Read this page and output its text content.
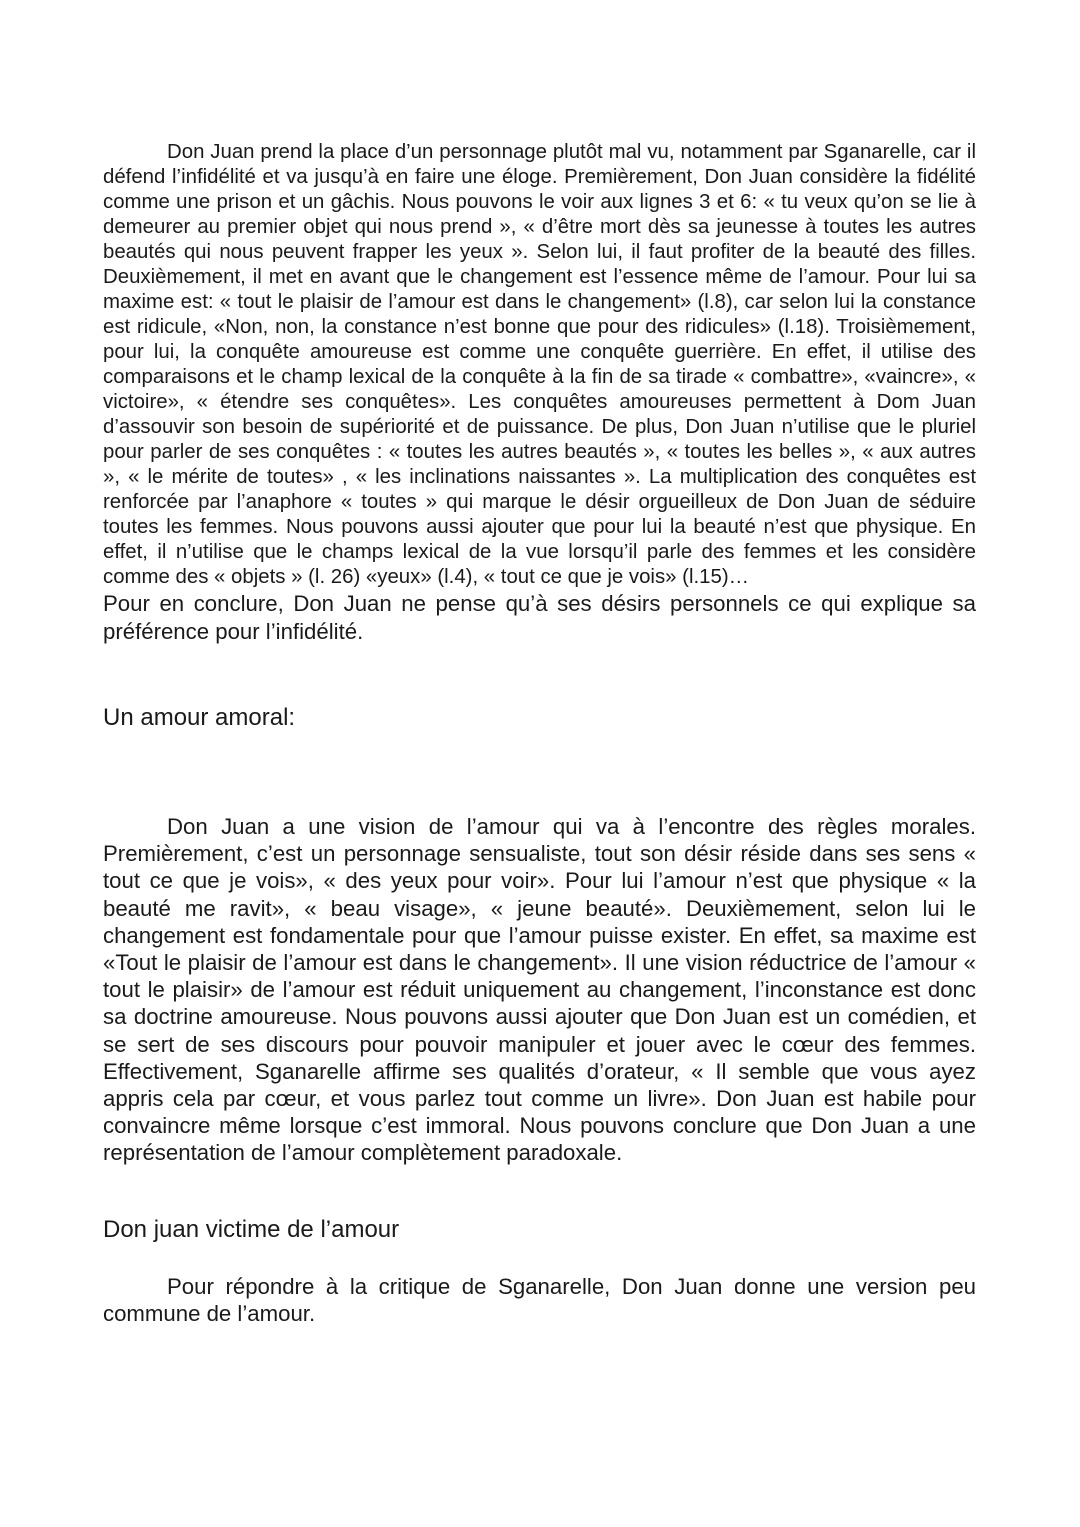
Don Juan prend la place d’un personnage plutôt mal vu, notamment par Sganarelle, car il défend l’infidélité et va jusqu’à en faire une éloge. Premièrement, Don Juan considère la fidélité comme une prison et un gâchis. Nous pouvons le voir aux lignes 3 et 6: « tu veux qu’on se lie à demeurer au premier objet qui nous prend », « d’être mort dès sa jeunesse à toutes les autres beautés qui nous peuvent frapper les yeux ». Selon lui, il faut profiter de la beauté des filles. Deuxièmement, il met en avant que le changement est l’essence même de l’amour. Pour lui sa maxime est: « tout le plaisir de l’amour est dans le changement» (l.8), car selon lui la constance est ridicule, «Non, non, la constance n’est bonne que pour des ridicules» (l.18). Troisièmement, pour lui, la conquête amoureuse est comme une conquête guerrière. En effet, il utilise des comparaisons et le champ lexical de la conquête à la fin de sa tirade « combattre», «vaincre», « victoire», « étendre ses conquêtes». Les conquêtes amoureuses permettent à Dom Juan d’assouvir son besoin de supériorité et de puissance. De plus, Don Juan n’utilise que le pluriel pour parler de ses conquêtes : « toutes les autres beautés », « toutes les belles », « aux autres », « le mérite de toutes» , « les inclinations naissantes ». La multiplication des conquêtes est renforcée par l’anaphore « toutes » qui marque le désir orgueilleux de Don Juan de séduire toutes les femmes. Nous pouvons aussi ajouter que pour lui la beauté n’est que physique. En effet, il n’utilise que le champs lexical de la vue lorsqu’il parle des femmes et les considère comme des « objets » (l. 26) «yeux» (l.4), « tout ce que je vois» (l.15)…

Pour en conclure, Don Juan ne pense qu’à ses désirs personnels ce qui explique sa préférence pour l’infidélité.

Un amour amoral:

Don Juan a une vision de l’amour qui va à l’encontre des règles morales. Premièrement, c’est un personnage sensualiste, tout son désir réside dans ses sens « tout ce que je vois», « des yeux pour voir». Pour lui l’amour n’est que physique « la beauté me ravit», « beau visage», « jeune beauté». Deuxièmement, selon lui le changement est fondamentale pour que l’amour puisse exister. En effet, sa maxime est «Tout le plaisir de l’amour est dans le changement». Il une vision réductrice de l’amour « tout le plaisir» de l’amour est réduit uniquement au changement, l’inconstance est donc sa doctrine amoureuse. Nous pouvons aussi ajouter que Don Juan est un comédien, et se sert de ses discours pour pouvoir manipuler et jouer avec le cœur des femmes. Effectivement, Sganarelle affirme ses qualités d’orateur, « Il semble que vous ayez appris cela par cœur, et vous parlez tout comme un livre». Don Juan est habile pour convaincre même lorsque c’est immoral. Nous pouvons conclure que Don Juan a une représentation de l’amour complètement paradoxale.

Don juan victime de l’amour

Pour répondre à la critique de Sganarelle, Don Juan donne une version peu commune de l’amour.
